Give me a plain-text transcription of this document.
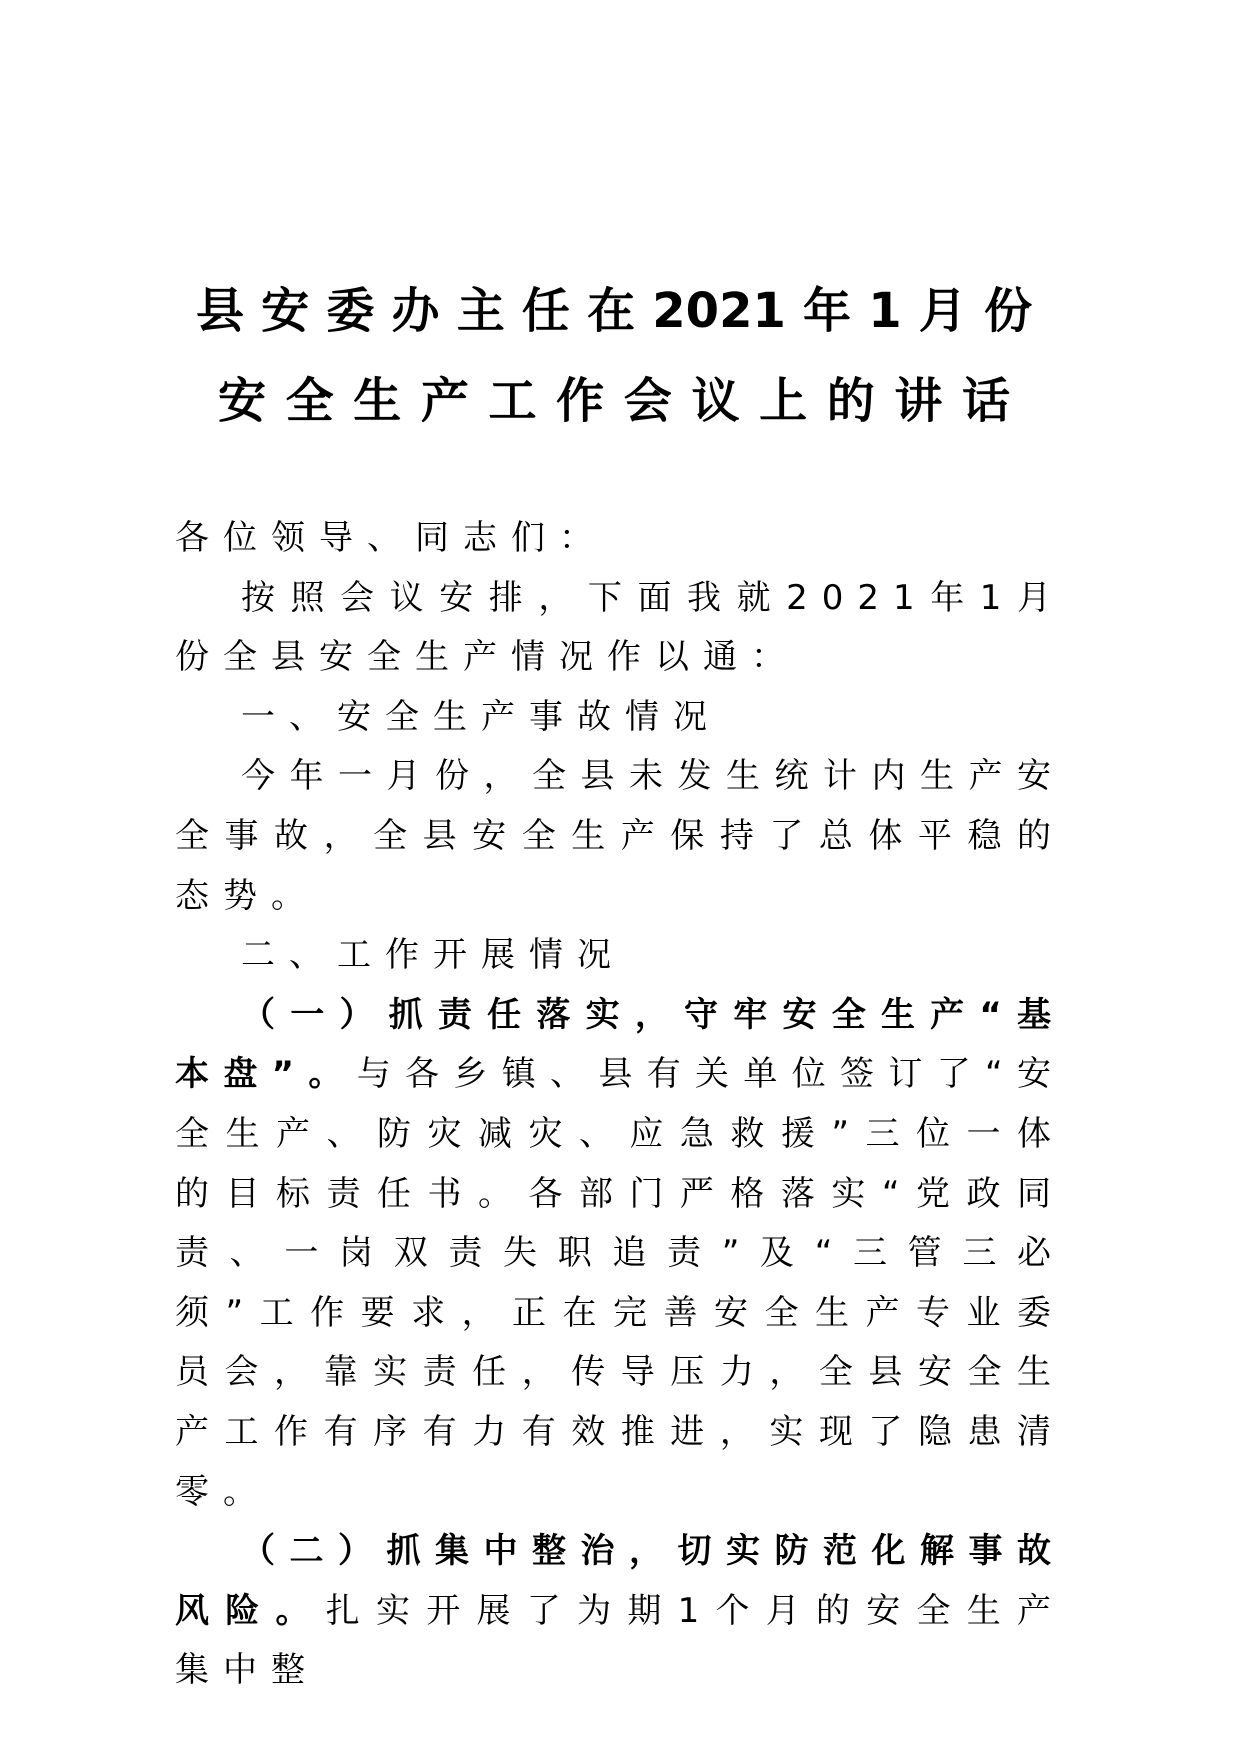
县安委办主任在2021年1月份
安全生产工作会议上的讲话

各位领导、同志们：

按照会议安排，下面我就2021年1月份全县安全生产情况作以通：

一、安全生产事故情况

今年一月份，全县未发生统计内生产安全事故，全县安全生产保持了总体平稳的态势。

二、工作开展情况

（一）抓责任落实，守牢安全生产“基本盘”。与各乡镇、县有关单位签订了“安全生产、防灾减灾、应急救援”三位一体的目标责任书。各部门严格落实“党政同责、一岗双责失职追责”及“三管三必须”工作要求，正在完善安全生产专业委员会，靠实责任，传导压力，全县安全生产工作有序有力有效推进，实现了隐患清零。

（二）抓集中整治，切实防范化解事故风险。扎实开展了为期1个月的安全生产集中整
